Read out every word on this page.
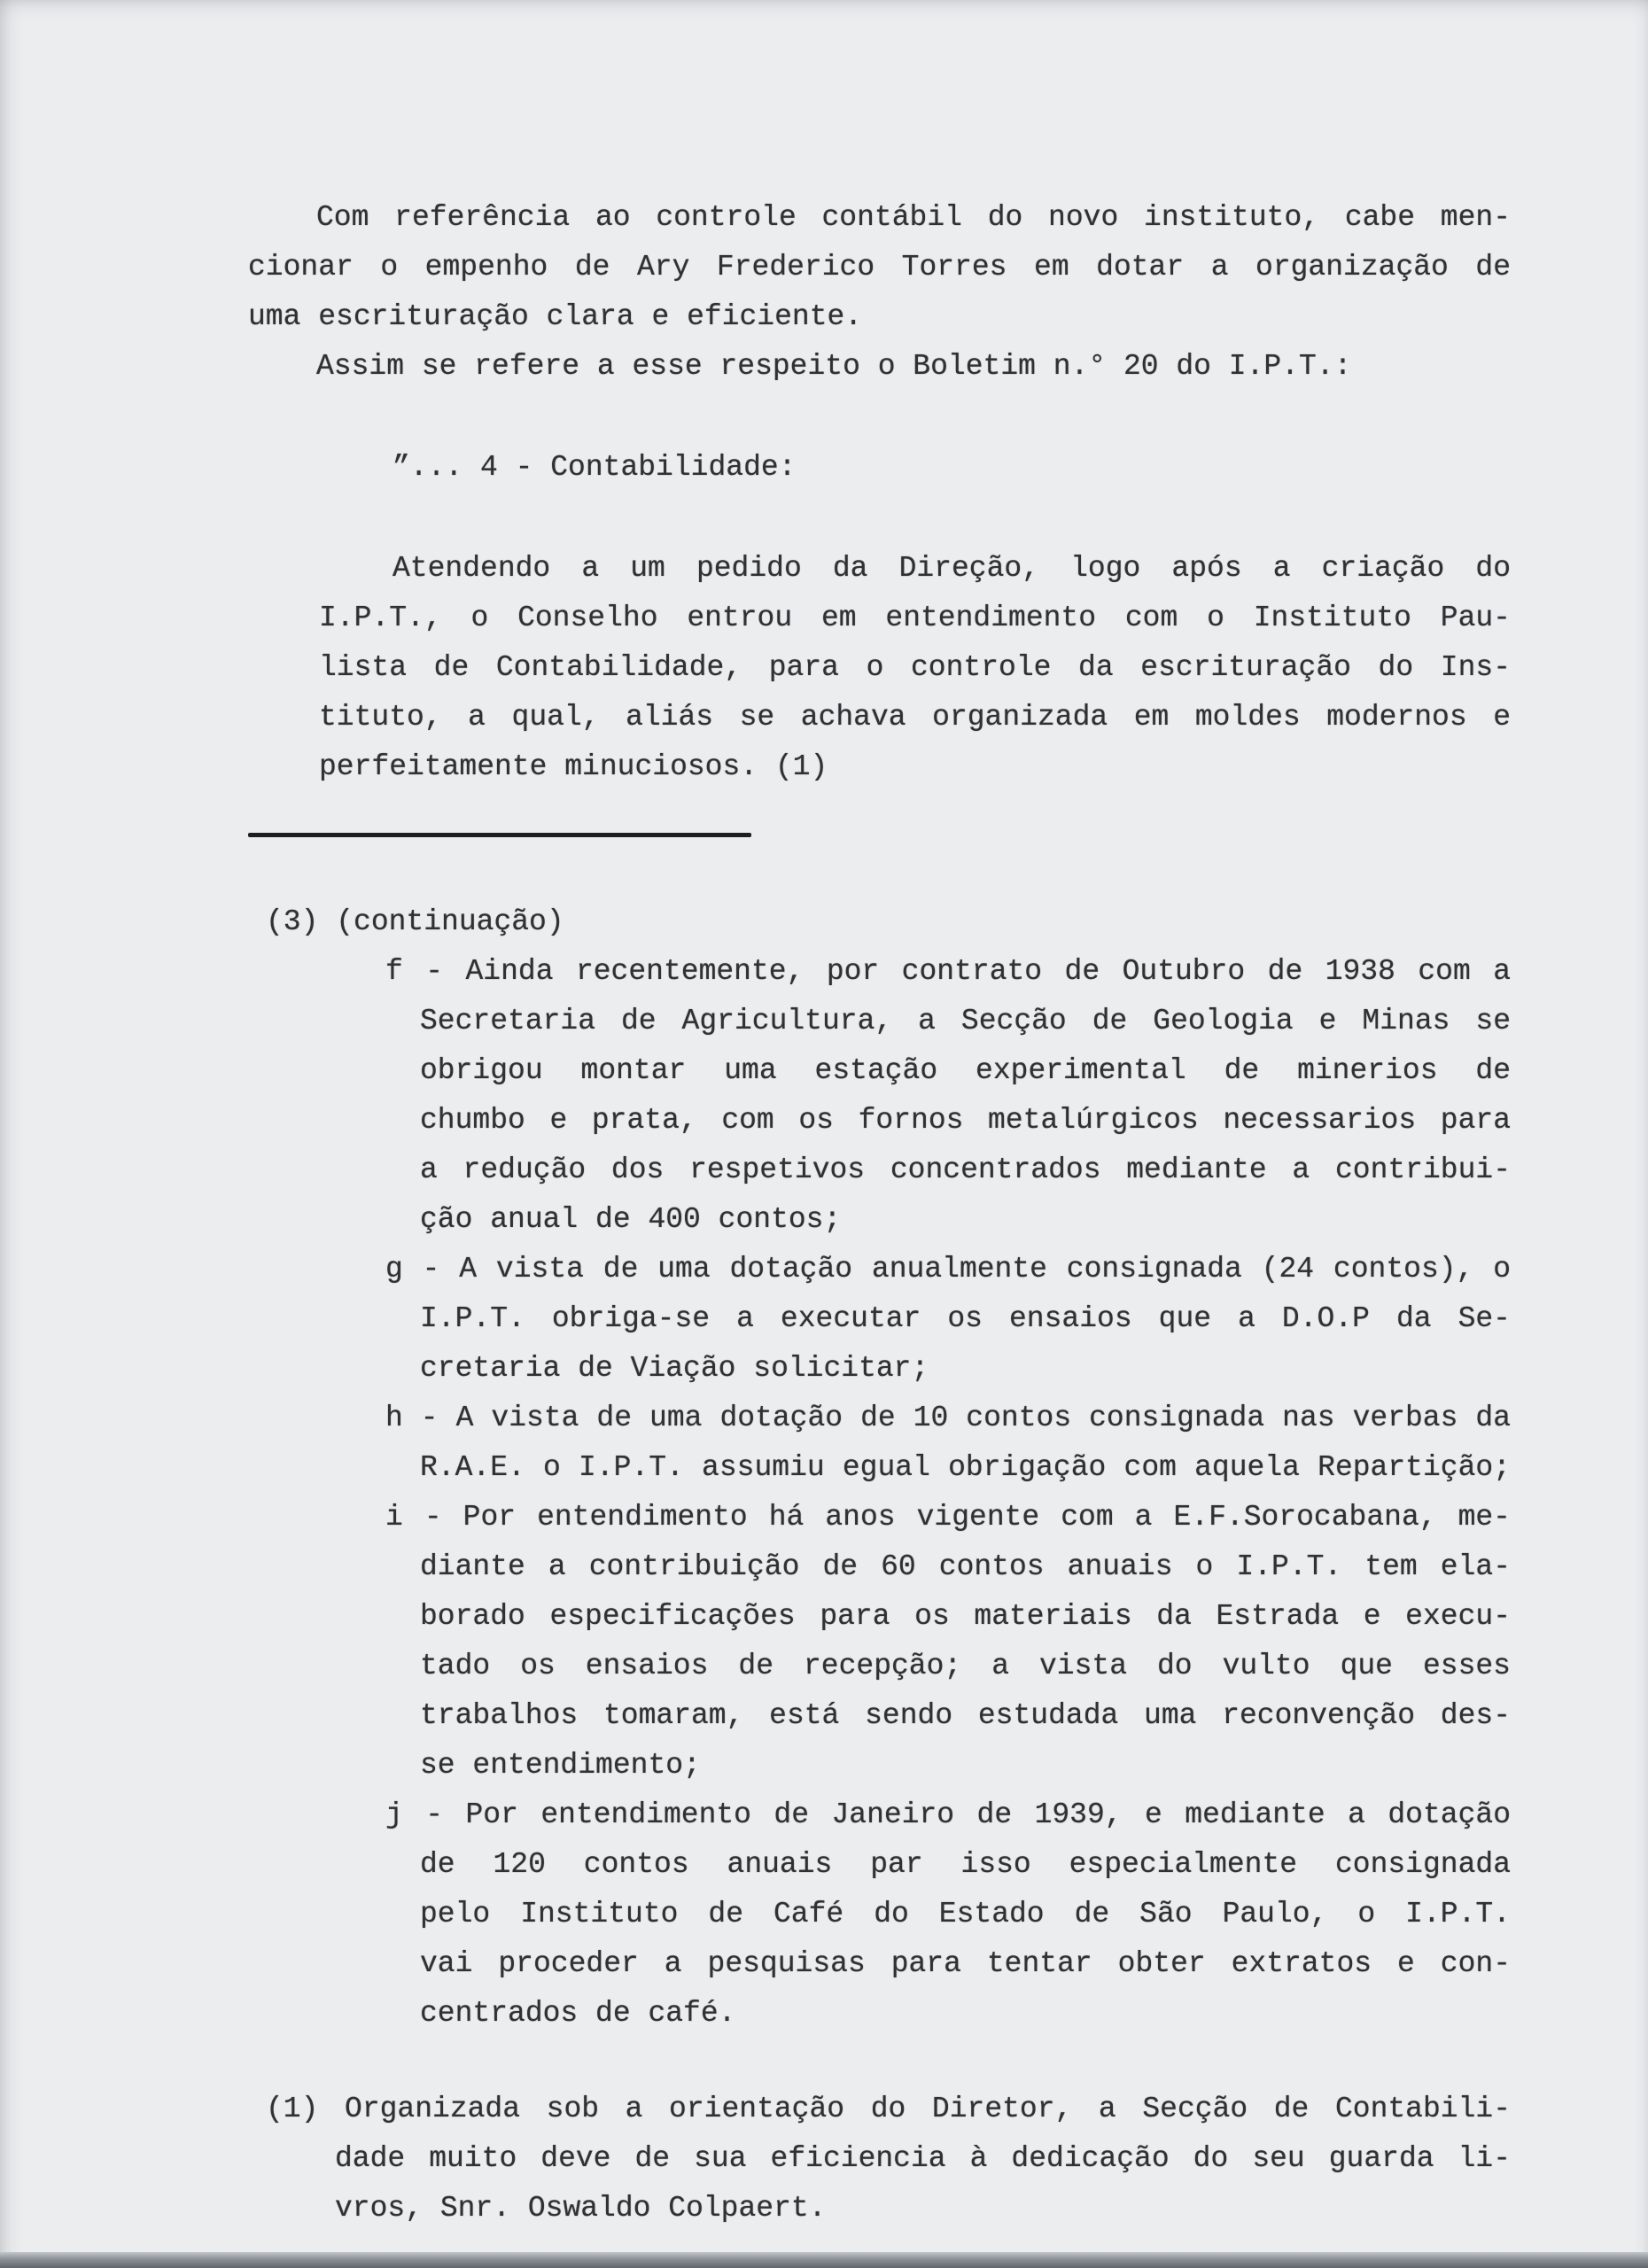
Com referência ao controle contábil do novo instituto, cabe men-
cionar o empenho de Ary Frederico Torres em dotar a organização de
uma escrituração clara e eficiente.
Assim se refere a esse respeito o Boletim n.° 20 do I.P.T.:
”... 4 - Contabilidade:
Atendendo a um pedido da Direção, logo após a criação do
I.P.T., o Conselho entrou em entendimento com o Instituto Pau-
lista de Contabilidade, para o controle da escrituração do Ins-
tituto, a qual, aliás se achava organizada em moldes modernos e
perfeitamente minuciosos. (1)
(3) (continuação)
f - Ainda recentemente, por contrato de Outubro de 1938 com a
Secretaria de Agricultura, a Secção de Geologia e Minas se
obrigou montar uma estação experimental de minerios de
chumbo e prata, com os fornos metalúrgicos necessarios para
a redução dos respetivos concentrados mediante a contribui-
ção anual de 400 contos;
g - A vista de uma dotação anualmente consignada (24 contos), o
I.P.T. obriga-se a executar os ensaios que a D.O.P da Se-
cretaria de Viação solicitar;
h - A vista de uma dotação de 10 contos consignada nas verbas da
R.A.E. o I.P.T. assumiu egual obrigação com aquela Repartição;
i - Por entendimento há anos vigente com a E.F.Sorocabana, me-
diante a contribuição de 60 contos anuais o I.P.T. tem ela-
borado especificações para os materiais da Estrada e execu-
tado os ensaios de recepção; a vista do vulto que esses
trabalhos tomaram, está sendo estudada uma reconvenção des-
se entendimento;
j - Por entendimento de Janeiro de 1939, e mediante a dotação
de 120 contos anuais par isso especialmente consignada
pelo Instituto de Café do Estado de São Paulo, o I.P.T.
vai proceder a pesquisas para tentar obter extratos e con-
centrados de café.
(1) Organizada sob a orientação do Diretor, a Secção de Contabili-
dade muito deve de sua eficiencia à dedicação do seu guarda li-
vros, Snr. Oswaldo Colpaert.
